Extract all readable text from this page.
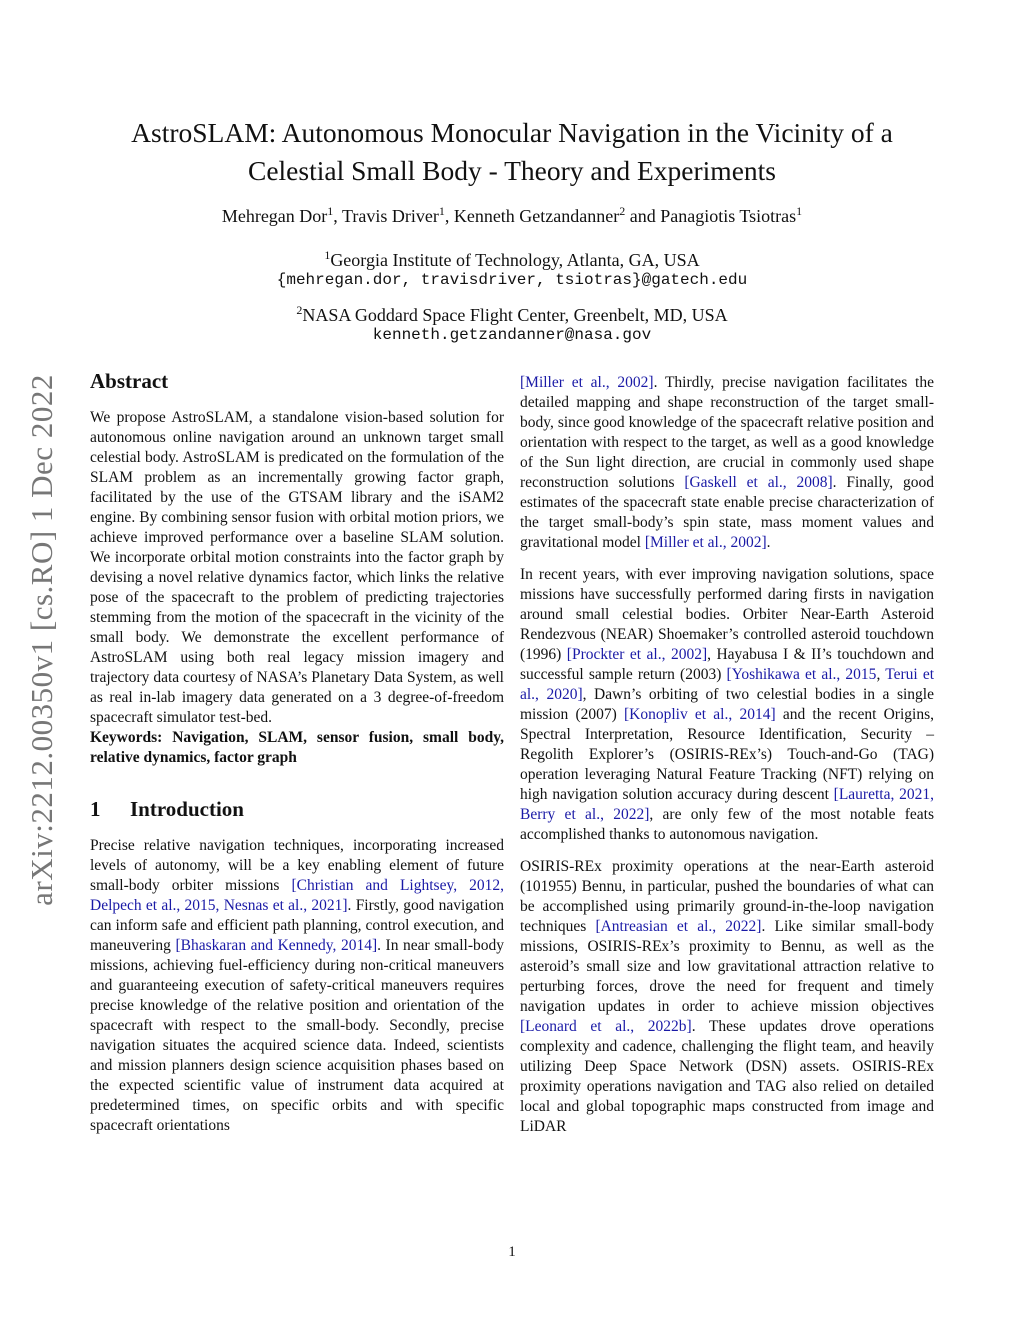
arXiv:2212.00350v1 [cs.RO] 1 Dec 2022
AstroSLAM: Autonomous Monocular Navigation in the Vicinity of a
Celestial Small Body - Theory and Experiments
Mehregan Dor$^1$, Travis Driver$^1$, Kenneth Getzandanner$^2$ and Panagiotis Tsiotras$^1$
$^1$Georgia Institute of Technology, Atlanta, GA, USA
{mehregan.dor, travisdriver, tsiotras}@gatech.edu
$^2$NASA Goddard Space Flight Center, Greenbelt, MD, USA
kenneth.getzandanner@nasa.gov
Abstract

We propose AstroSLAM, a standalone vision-based solution for autonomous online navigation around an unknown target small celestial body. AstroSLAM is predicated on the formulation of the SLAM problem as an incrementally growing factor graph, facilitated by the use of the GTSAM library and the iSAM2 engine. By combining sensor fusion with orbital motion priors, we achieve improved performance over a baseline SLAM solution. We incorporate orbital motion constraints into the factor graph by devising a novel relative dynamics factor, which links the relative pose of the spacecraft to the problem of predicting trajectories stemming from the motion of the spacecraft in the vicinity of the small body. We demonstrate the excellent performance of AstroSLAM using both real legacy mission imagery and trajectory data courtesy of NASA’s Planetary Data System, as well as real in-lab imagery data generated on a 3 degree-of-freedom spacecraft simulator test-bed.

Keywords: Navigation, SLAM, sensor fusion, small body, relative dynamics, factor graph

1 Introduction

Precise relative navigation techniques, incorporating increased levels of autonomy, will be a key enabling element of future small-body orbiter missions [Christian and Lightsey, 2012, Delpech et al., 2015, Nesnas et al., 2021]. Firstly, good navigation can inform safe and efficient path planning, control execution, and maneuvering [Bhaskaran and Kennedy, 2014]. In near small-body missions, achieving fuel-efficiency during non-critical maneuvers and guaranteeing execution of safety-critical maneuvers requires precise knowledge of the relative position and orientation of the spacecraft with respect to the small-body. Secondly, precise navigation situates the acquired science data. Indeed, scientists and mission planners design science acquisition phases based on the expected scientific value of instrument data acquired at predetermined times, on specific orbits and with specific spacecraft orientations

[Miller et al., 2002]. Thirdly, precise navigation facilitates the detailed mapping and shape reconstruction of the target small-body, since good knowledge of the spacecraft relative position and orientation with respect to the target, as well as a good knowledge of the Sun light direction, are crucial in commonly used shape reconstruction solutions [Gaskell et al., 2008]. Finally, good estimates of the spacecraft state enable precise characterization of the target small-body’s spin state, mass moment values and gravitational model [Miller et al., 2002].

In recent years, with ever improving navigation solutions, space missions have successfully performed daring firsts in navigation around small celestial bodies. Orbiter Near-Earth Asteroid Rendezvous (NEAR) Shoemaker’s controlled asteroid touchdown (1996) [Prockter et al., 2002], Hayabusa I & II’s touchdown and successful sample return (2003) [Yoshikawa et al., 2015, Terui et al., 2020], Dawn’s orbiting of two celestial bodies in a single mission (2007) [Konopliv et al., 2014] and the recent Origins, Spectral Interpretation, Resource Identification, Security – Regolith Explorer’s (OSIRIS-REx’s) Touch-and-Go (TAG) operation leveraging Natural Feature Tracking (NFT) relying on high navigation solution accuracy during descent [Lauretta, 2021, Berry et al., 2022], are only few of the most notable feats accomplished thanks to autonomous navigation.

OSIRIS-REx proximity operations at the near-Earth asteroid (101955) Bennu, in particular, pushed the boundaries of what can be accomplished using primarily ground-in-the-loop navigation techniques [Antreasian et al., 2022]. Like similar small-body missions, OSIRIS-REx’s proximity to Bennu, as well as the asteroid’s small size and low gravitational attraction relative to perturbing forces, drove the need for frequent and timely navigation updates in order to achieve mission objectives [Leonard et al., 2022b]. These updates drove operations complexity and cadence, challenging the flight team, and heavily utilizing Deep Space Network (DSN) assets. OSIRIS-REx proximity operations navigation and TAG also relied on detailed local and global topographic maps constructed from image and LiDAR

1
